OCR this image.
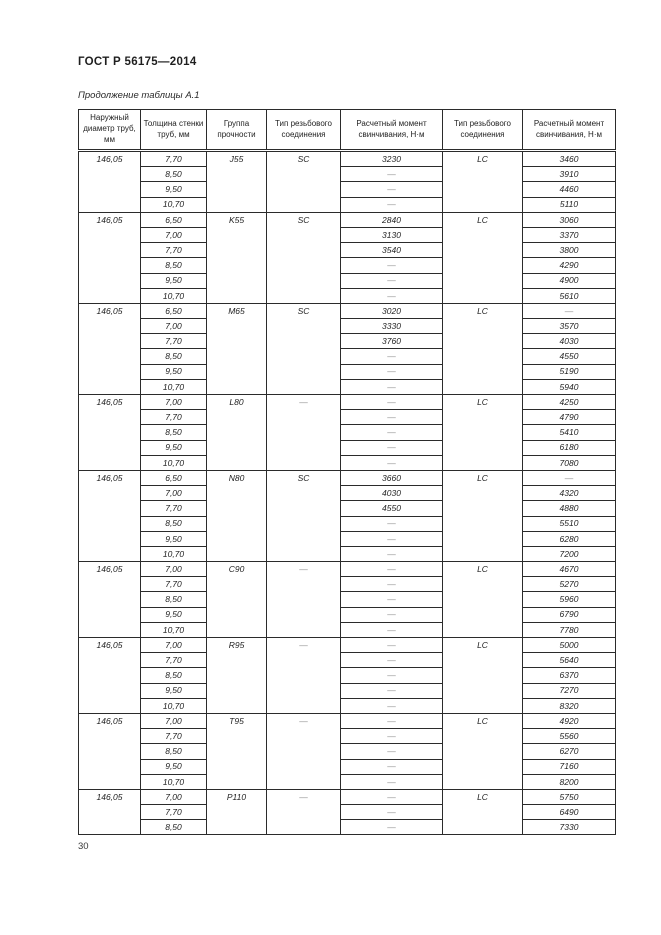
ГОСТ Р 56175—2014
Продолжение таблицы А.1
Наружный диаметр труб, мм	Толщина стенки труб, мм	Группа прочности	Тип резьбового соединения	Расчетный момент свинчивания, Н·м	Тип резьбового соединения	Расчетный момент свинчивания, Н·м
146,05	7,70	J55	SC	3230	LC	3460
	8,50			—		3910
	9,50			—		4460
	10,70			—		5110
146,05	6,50	K55	SC	2840	LC	3060
	7,00			3130		3370
	7,70			3540		3800
	8,50			—		4290
	9,50			—		4900
	10,70			—		5610
146,05	6,50	M65	SC	3020	LC	—
	7,00			3330		3570
	7,70			3760		4030
	8,50			—		4550
	9,50			—		5190
	10,70			—		5940
146,05	7,00	L80	—	—	LC	4250
	7,70			—		4790
	8,50			—		5410
	9,50			—		6180
	10,70			—		7080
146,05	6,50	N80	SC	3660	LC	—
	7,00			4030		4320
	7,70			4550		4880
	8,50			—		5510
	9,50			—		6280
	10,70			—		7200
146,05	7,00	C90	—	—	LC	4670
	7,70			—		5270
	8,50			—		5960
	9,50			—		6790
	10,70			—		7780
146,05	7,00	R95	—	—	LC	5000
	7,70			—		5640
	8,50			—		6370
	9,50			—		7270
	10,70			—		8320
146,05	7,00	T95	—	—	LC	4920
	7,70			—		5560
	8,50			—		6270
	9,50			—		7160
	10,70			—		8200
146,05	7,00	P110	—	—	LC	5750
	7,70			—		6490
	8,50			—		7330
30
